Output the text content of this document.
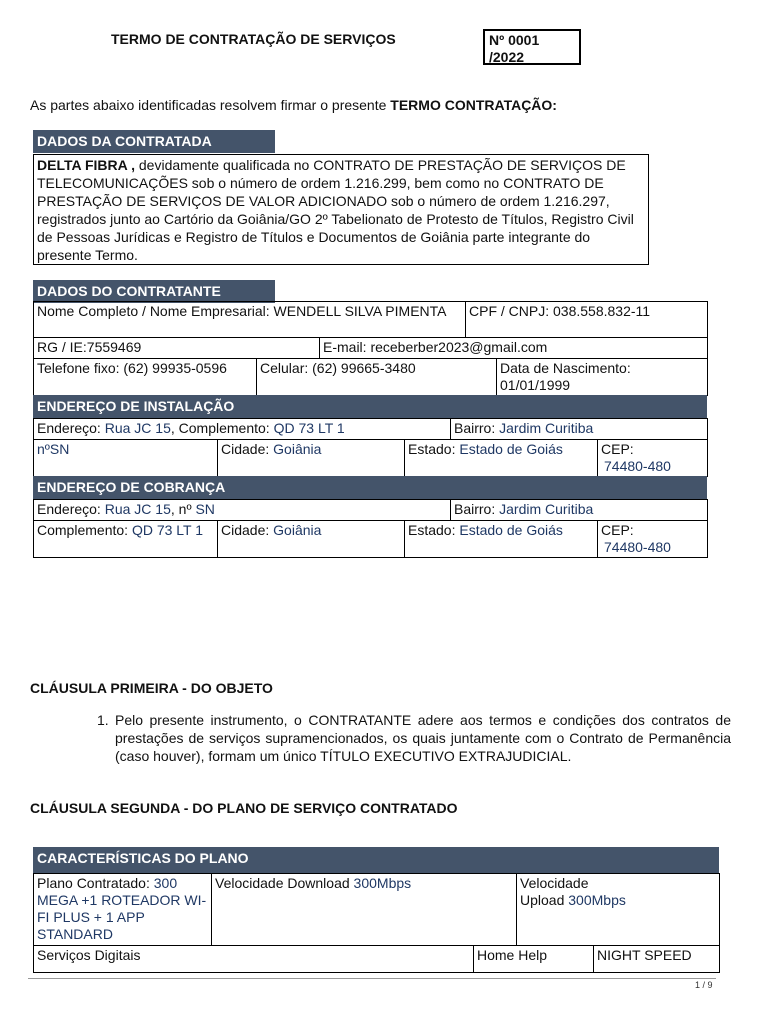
TERMO DE CONTRATAÇÃO DE SERVIÇOS	Nº 0001
/2022
As partes abaixo identificadas resolvem firmar o presente TERMO CONTRATAÇÃO:
DADOS DA CONTRATADA
DELTA FIBRA , devidamente qualificada no CONTRATO DE PRESTAÇÃO DE SERVIÇOS DE TELECOMUNICAÇÕES sob o número de ordem 1.216.299, bem como no CONTRATO DE PRESTAÇÃO DE SERVIÇOS DE VALOR ADICIONADO sob o número de ordem 1.216.297, registrados junto ao Cartório da Goiânia/GO 2º Tabelionato de Protesto de Títulos, Registro Civil de Pessoas Jurídicas e Registro de Títulos e Documentos de Goiânia parte integrante do presente Termo.
DADOS DO CONTRATANTE
Nome Completo / Nome Empresarial: WENDELL SILVA PIMENTA	CPF / CNPJ: 038.558.832-11
RG / IE:7559469	E-mail: receberber2023@gmail.com
Telefone fixo: (62) 99935-0596	Celular: (62) 99665-3480	Data de Nascimento:
01/01/1999
ENDEREÇO DE INSTALAÇÃO
Endereço: Rua JC 15, Complemento: QD 73 LT 1	Bairro: Jardim Curitiba
nºSN	Cidade: Goiânia	Estado: Estado de Goiás	CEP:
74480-480
ENDEREÇO DE COBRANÇA
Endereço: Rua JC 15, nº SN	Bairro: Jardim Curitiba
Complemento: QD 73 LT 1	Cidade: Goiânia	Estado: Estado de Goiás	CEP:
74480-480
CLÁUSULA PRIMEIRA - DO OBJETO
1. Pelo presente instrumento, o CONTRATANTE adere aos termos e condições dos contratos de prestações de serviços supramencionados, os quais juntamente com o Contrato de Permanência (caso houver), formam um único TÍTULO EXECUTIVO EXTRAJUDICIAL.
CLÁUSULA SEGUNDA - DO PLANO DE SERVIÇO CONTRATADO
CARACTERÍSTICAS DO PLANO
Plano Contratado: 300 MEGA +1 ROTEADOR WI-FI PLUS + 1 APP STANDARD	Velocidade Download 300Mbps	Velocidade
Upload 300Mbps
Serviços Digitais	Home Help	NIGHT SPEED
1 / 9
